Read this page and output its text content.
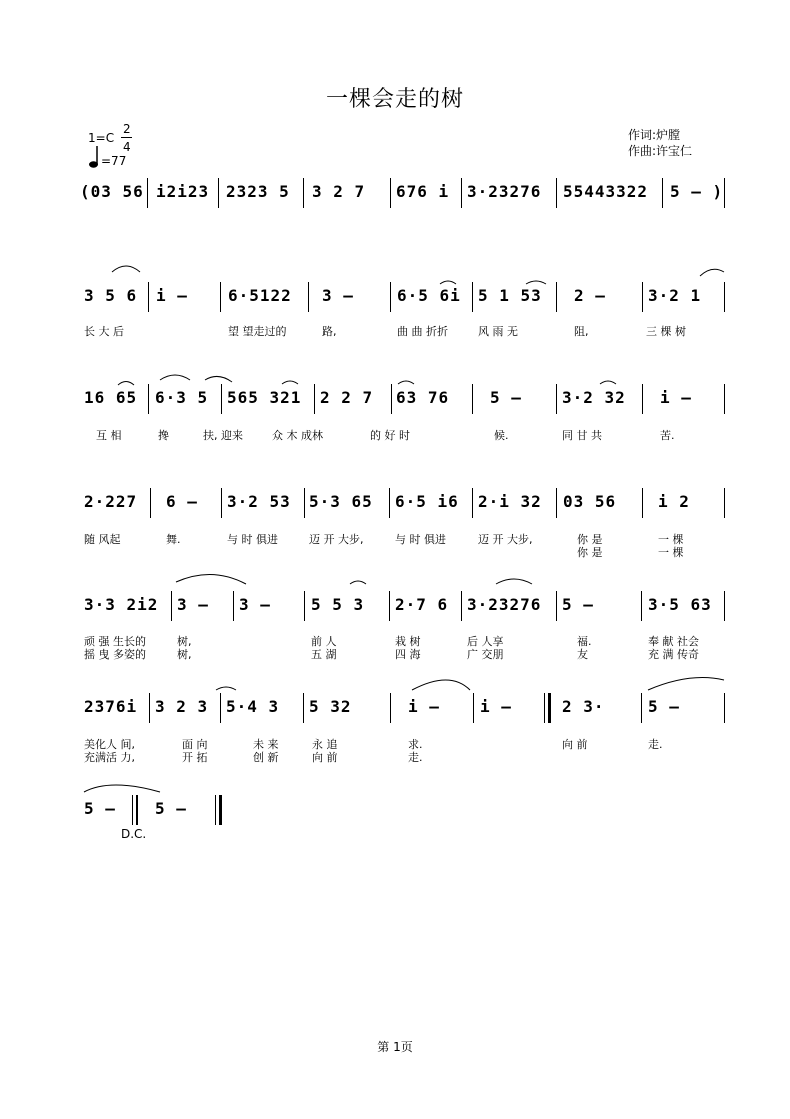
一棵会走的树
1=C
2
4
=77
作词:炉膛
作曲:许宝仁
(03 56 i2i23 2323 5 3 2 7 676 i 3·23276 55443322 5 – )
3 5 6 i –	6·5122 3 –	6·5 6i 5 1 53 2 –	3·2 1
长 大 后	望 望走过的	路,	曲 曲 折折	风 雨 无	阻,	三 棵 树
16 65 6·3 5 565 321 2 2 7 63 76	5 –	3·2 32 i –
互 相	搀	扶, 迎来	众 木 成林	的 好 时	候.	同 甘 共	苦.
2·227 6 – 3·2 53 5·3 65 6·5 i6 2·i 32 03 56	i 2
随 风起	舞.	与 时 俱进	迈 开 大步,	与 时 俱进	迈 开 大步,	你 是	一 棵
你 是	一 棵
3·3 2i2 3 – 3 –	5 5 3 2·7 6 3·23276 5 –	3·5 63
顽 强 生长的	树,	前 人	栽 树	后 人享	福.	奉 献 社会
摇 曳 多姿的	树,	五 湖	四 海	广 交朋	友	充 满 传奇
2376i 3 2 3 5·4 3 5 32	i –	i –	2 3·	5 –
美化人 间,	面 向	未 来	永 追	求.	向 前	走.
充满活 力,	开 拓	创 新	向 前	走.
5 – 5 –
D.C.
第 1页
